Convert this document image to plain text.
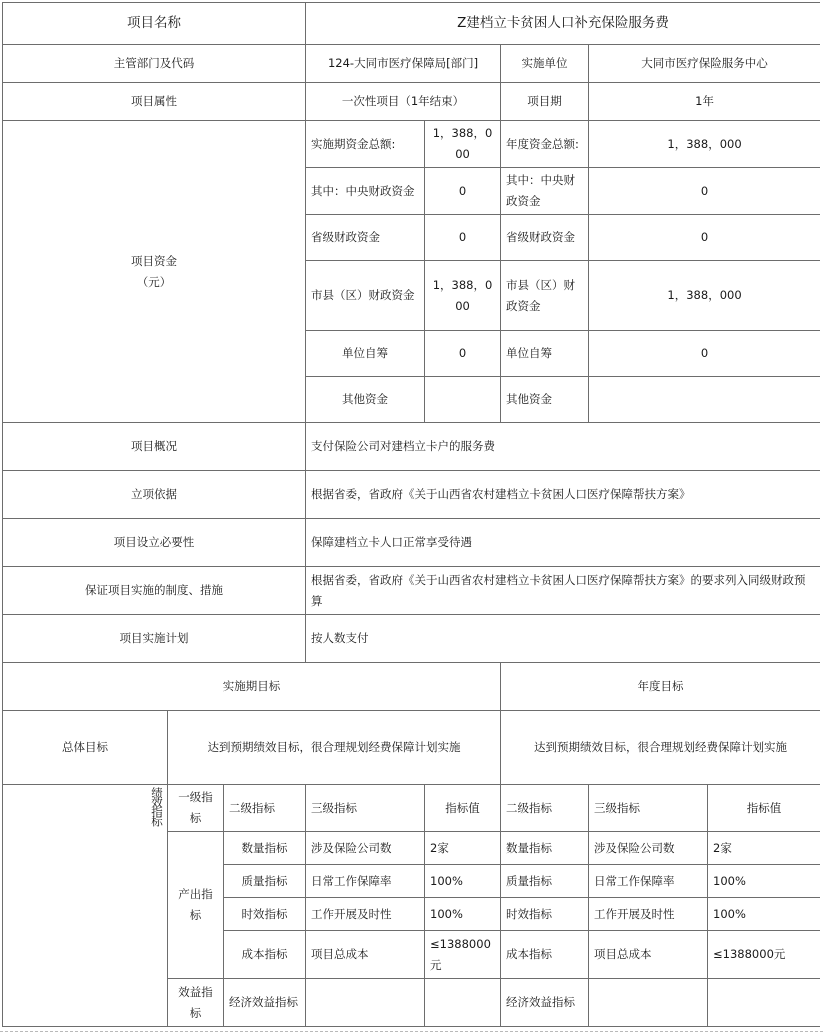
项目名称			Z建档立卡贫困人口补充保险服务费				
主管部门及代码			124-大同市医疗保障局[部门]		实施单位	大同市医疗保险服务中心	
项目属性			一次性项目（1年结束）		项目期	1年	

项目资金
（元）			实施期资金总额:	1，388，000	年度资金总额:	1，388，000	
			其中：中央财政资金	0	其中：中央财政资金	0	
			省级财政资金	0	省级财政资金	0	
			市县（区）财政资金	1，388，000	市县（区）财政资金	1，388，000	
			单位自筹	0	单位自筹	0	
			其他资金		其他资金		
项目概况			支付保险公司对建档立卡户的服务费				
立项依据			根据省委，省政府《关于山西省农村建档立卡贫困人口医疗保障帮扶方案》				
项目设立必要性			保障建档立卡人口正常享受待遇				
保证项目实施的制度、措施			根据省委，省政府《关于山西省农村建档立卡贫困人口医疗保障帮扶方案》的要求列入同级财政预算				
项目实施计划			按人数支付				
实施期目标					年度目标		
总体目标	达到预期绩效目标，很合理规划经费保障计划实施				达到预期绩效目标，很合理规划经费保障计划实施		
绩效指标	一级指标	二级指标	三级指标	指标值	二级指标	三级指标	指标值
	产出指标	数量指标	涉及保险公司数	2家	数量指标	涉及保险公司数	2家
		质量指标	日常工作保障率	100%	质量指标	日常工作保障率	100%
		时效指标	工作开展及时性	100%	时效指标	工作开展及时性	100%
		成本指标	项目总成本	≤1388000元	成本指标	项目总成本	≤1388000元
	效益指标	经济效益指标			经济效益指标		
